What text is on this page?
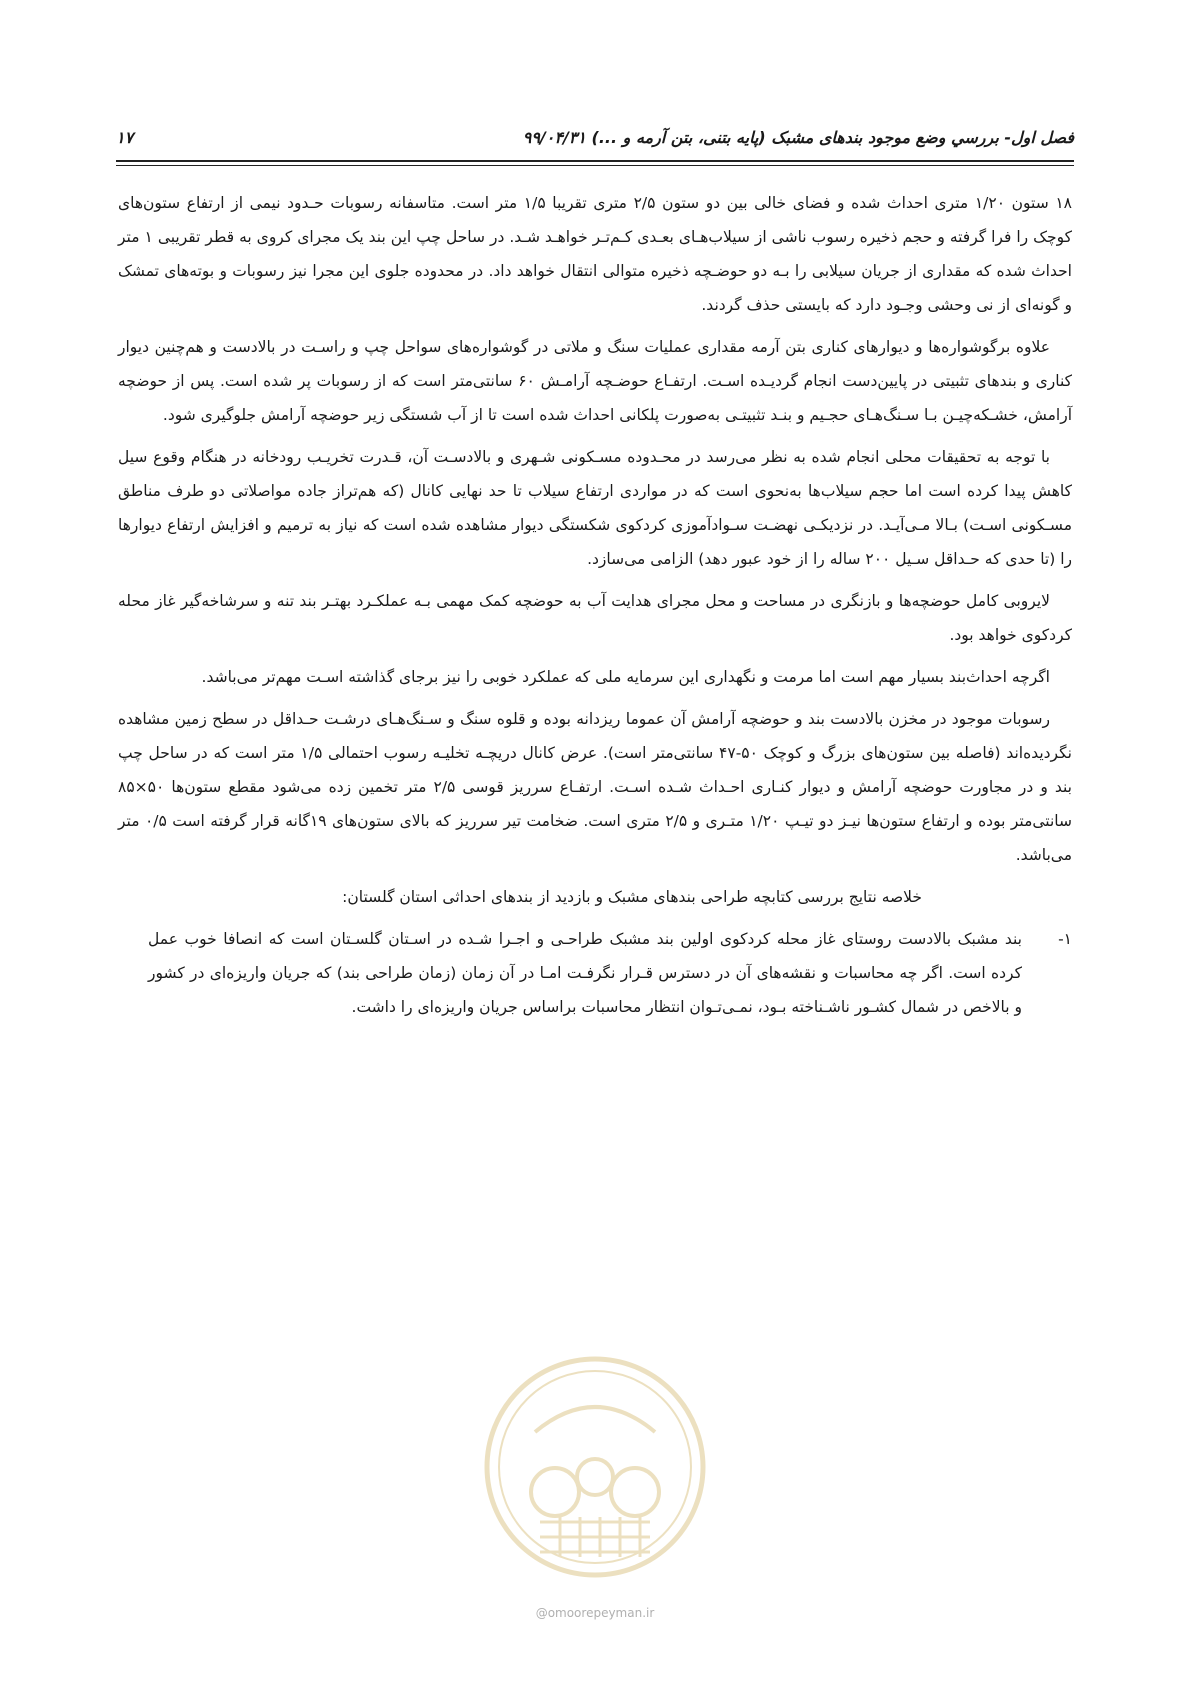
فصل اول- بررسي وضع موجود بندهای مشبک (پايه بتنی، بتن آرمه و ...) ۹۹/۰۴/۳۱
۱۷

۱۸ ستون ۱/۲۰ متری احداث شده و فضای خالی بین دو ستون ۲/۵ متری تقریبا ۱/۵ متر است. متاسفانه رسوبات حـدود نیمی از ارتفاع ستون‌های کوچک را فرا گرفته و حجم ذخیره رسوب ناشی از سیلاب‌هـای بعـدی کـم‌تـر خواهـد شـد. در ساحل چپ این بند یک مجرای کروی به قطر تقریبی ۱ متر احداث شده که مقداری از جریان سیلابی را بـه دو حوضـچه ذخیره متوالی انتقال خواهد داد. در محدوده جلوی این مجرا نیز رسوبات و بوته‌های تمشک و گونه‌ای از نی وحشی وجـود دارد که بایستی حذف گردند.

علاوه برگوشواره‌ها و دیوارهای کناری بتن آرمه مقداری عملیات سنگ و ملاتی در گوشواره‌های سواحل چپ و راسـت در بالادست و هم‌چنین دیوار کناری و بندهای تثبیتی در پایین‌دست انجام گردیـده اسـت. ارتفـاع حوضـچه آرامـش ۶۰ سانتی‌متر است که از رسوبات پر شده است. پس از حوضچه آرامش، خشـکه‌چیـن بـا سـنگ‌هـای حجـیم و بنـد تثبیتـی به‌صورت پلکانی احداث شده است تا از آب شستگی زیر حوضچه آرامش جلوگیری شود.

با توجه به تحقیقات محلی انجام شده به نظر می‌رسد در محـدوده مسـکونی شـهری و بالادسـت آن، قـدرت تخریـب رودخانه در هنگام وقوع سیل کاهش پیدا کرده است اما حجم سیلاب‌ها به‌نحوی است که در مواردی ارتفاع سیلاب تا حد نهایی کانال (که هم‌تراز جاده مواصلاتی دو طرف مناطق مسـکونی اسـت) بـالا مـی‌آیـد. در نزدیکـی نهضـت سـوادآموزی کردکوی شکستگی دیوار مشاهده شده است که نیاز به ترمیم و افزایش ارتفاع دیوارها را (تا حدی که حـداقل سـیل ۲۰۰ ساله را از خود عبور دهد) الزامی می‌سازد.

لایروبی کامل حوضچه‌ها و بازنگری در مساحت و محل مجرای هدایت آب به حوضچه کمک مهمی بـه عملکـرد بهتـر بند تنه و سرشاخه‌گیر غاز محله کردکوی خواهد بود.

اگرچه احداث‌بند بسیار مهم است اما مرمت و نگهداری این سرمایه ملی که عملکرد خوبی را نیز برجای گذاشته اسـت مهم‌تر می‌باشد.

رسوبات موجود در مخزن بالادست بند و حوضچه آرامش آن عموما ریزدانه بوده و قلوه سنگ و سـنگ‌هـای درشـت حـداقل در سطح زمین مشاهده نگردیده‌اند (فاصله بین ستون‌های بزرگ و کوچک ۵۰-۴۷ سانتی‌متر است). عرض کانال دریچـه تخلیـه رسوب احتمالی ۱/۵ متر است که در ساحل چپ بند و در مجاورت حوضچه آرامش و دیوار کنـاری احـداث شـده اسـت. ارتفـاع سرریز قوسی ۲/۵ متر تخمین زده می‌شود مقطع ستون‌ها ۵۰×۸۵ سانتی‌متر بوده و ارتفاع ستون‌ها نیـز دو تیـپ ۱/۲۰ متـری و ۲/۵ متری است. ضخامت تیر سرریز که بالای ستون‌های ۱۹گانه قرار گرفته است ۰/۵ متر می‌باشد.

خلاصه نتایج بررسی کتابچه طراحی بندهای مشبک و بازدید از بندهای احداثی استان گلستان:

۱-
بند مشبک بالادست روستای غاز محله کردکوی اولین بند مشبک طراحـی و اجـرا شـده در اسـتان گلسـتان است که انصافا خوب عمل کرده است. اگر چه محاسبات و نقشه‌های آن در دسترس قـرار نگرفـت امـا در آن زمان (زمان طراحی بند) که جریان واریزه‌ای در کشور و بالاخص در شمال کشـور ناشـناخته بـود، نمـی‌تـوان انتظار محاسبات براساس جریان واریزه‌ای را داشت.
@omoorepeyman.ir
